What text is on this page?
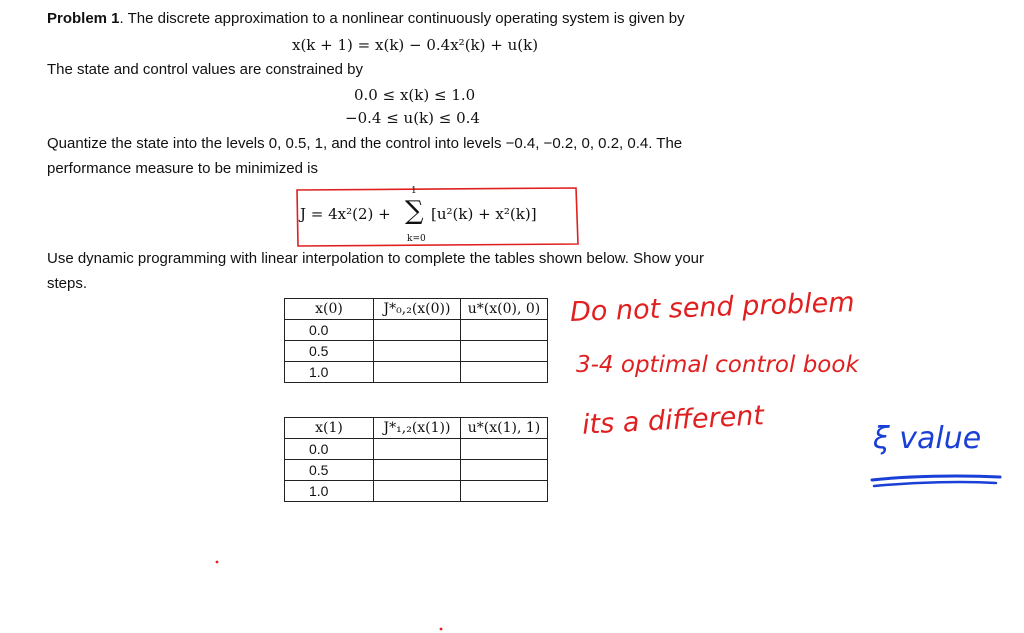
Problem 1. The discrete approximation to a nonlinear continuously operating system is given by
x(k + 1) = x(k) − 0.4x²(k) + u(k)
The state and control values are constrained by
0.0 ≤ x(k) ≤ 1.0
−0.4 ≤ u(k) ≤ 0.4
Quantize the state into the levels 0, 0.5, 1, and the control into levels −0.4, −0.2, 0, 0.2, 0.4. The
performance measure to be minimized is
J = 4x²(2) +
1
∑
k=0
[u²(k) + x²(k)]
Use dynamic programming with linear interpolation to complete the tables shown below. Show your
steps.
x(0)	J*₀,₂(x(0))	u*(x(0), 0)
0.0		
0.5		
1.0		
x(1)	J*₁,₂(x(1))	u*(x(1), 1)
0.0		
0.5		
1.0		
Do not send problem
3-4 optimal control book
its a different	ξ value
